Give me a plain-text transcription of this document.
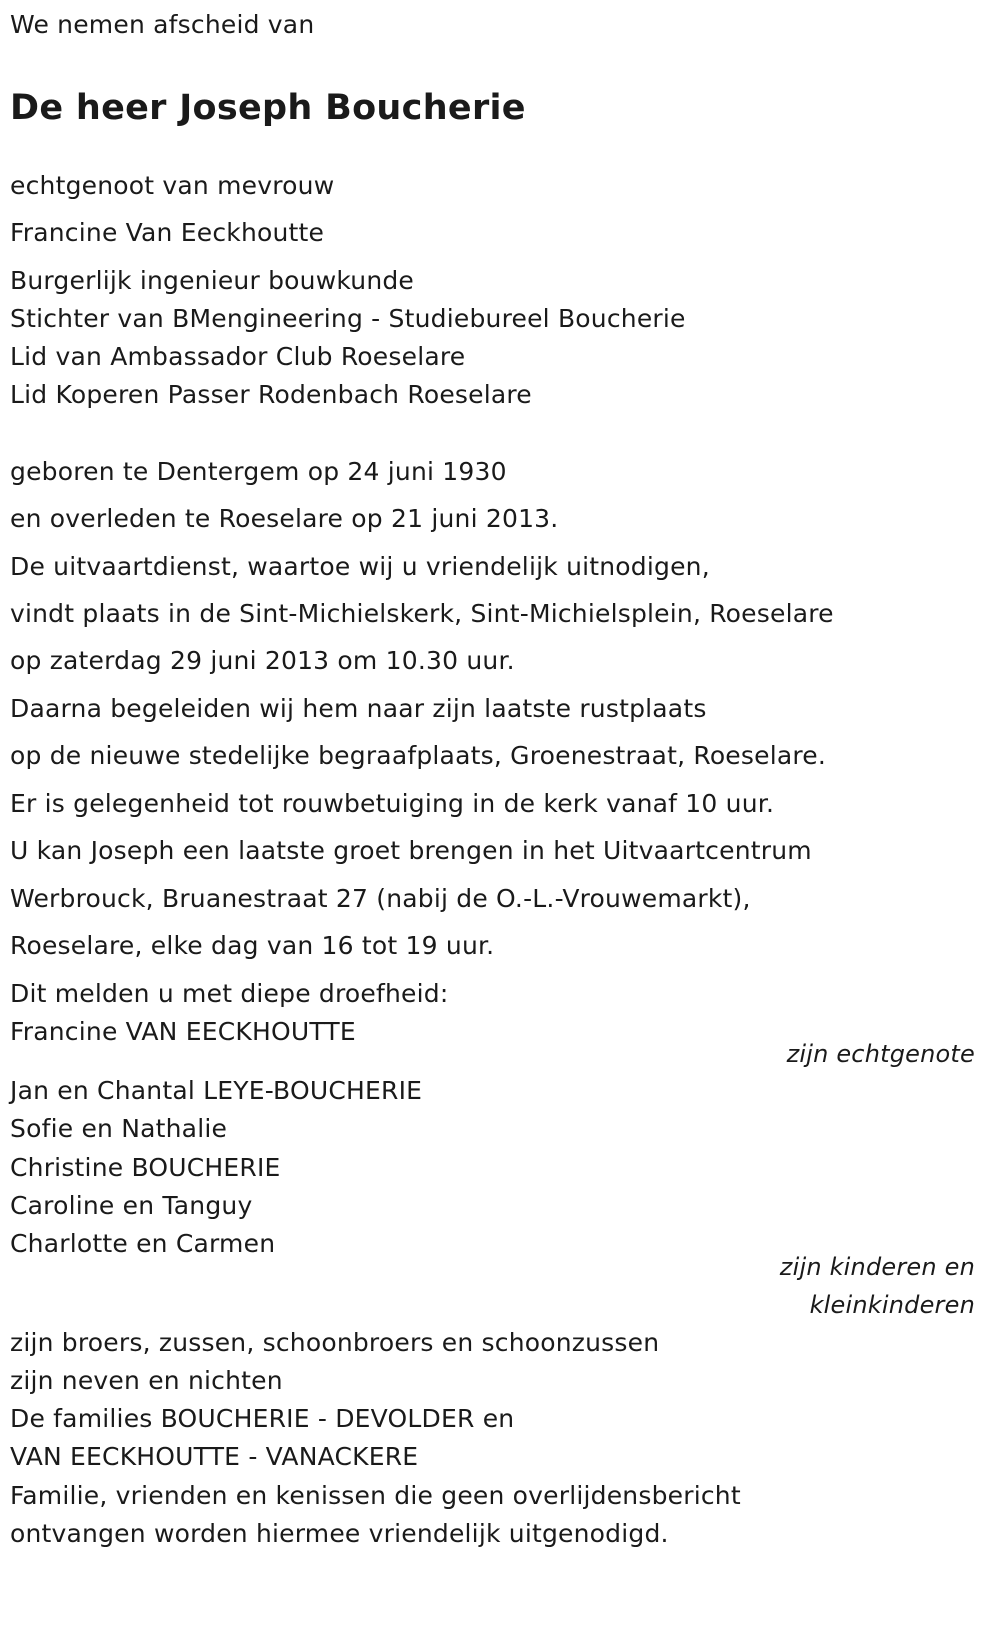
We nemen afscheid van
De heer Joseph Boucherie
echtgenoot van mevrouw
Francine Van Eeckhoutte
Burgerlijk ingenieur bouwkunde
Stichter van BMengineering - Studiebureel Boucherie
Lid van Ambassador Club Roeselare
Lid Koperen Passer Rodenbach Roeselare
geboren te Dentergem op 24 juni 1930
en overleden te Roeselare op 21 juni 2013.
De uitvaartdienst, waartoe wij u vriendelijk uitnodigen,
vindt plaats in de Sint-Michielskerk, Sint-Michielsplein, Roeselare
op zaterdag 29 juni 2013 om 10.30 uur.
Daarna begeleiden wij hem naar zijn laatste rustplaats
op de nieuwe stedelijke begraafplaats, Groenestraat, Roeselare.
Er is gelegenheid tot rouwbetuiging in de kerk vanaf 10 uur.
U kan Joseph een laatste groet brengen in het Uitvaartcentrum
Werbrouck, Bruanestraat 27 (nabij de O.-L.-Vrouwemarkt),
Roeselare, elke dag van 16 tot 19 uur.
Dit melden u met diepe droefheid:
Francine VAN EECKHOUTTE
zijn echtgenote
Jan en Chantal LEYE-BOUCHERIE
Sofie en Nathalie
Christine BOUCHERIE
Caroline en Tanguy
Charlotte en Carmen
zijn kinderen en
kleinkinderen
zijn broers, zussen, schoonbroers en schoonzussen
zijn neven en nichten
De families BOUCHERIE - DEVOLDER en
VAN EECKHOUTTE - VANACKERE
Familie, vrienden en kenissen die geen overlijdensbericht
ontvangen worden hiermee vriendelijk uitgenodigd.
